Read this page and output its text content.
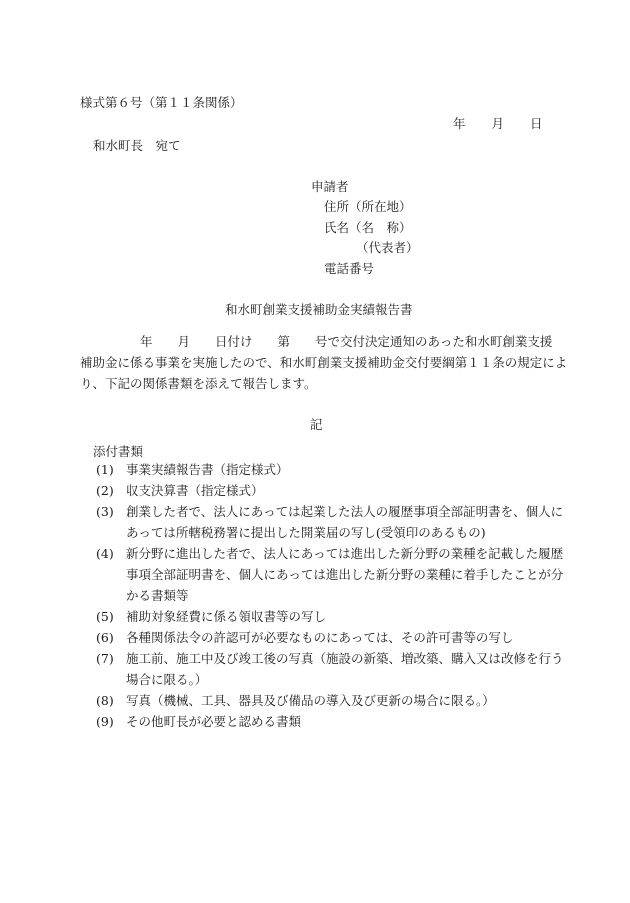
様式第６号（第１１条関係）
年 月 日
和水町長　宛て
申請者
住所（所在地）
氏名（名　称）
（代表者）
電話番号
和水町創業支援補助金実績報告書
年　　月　　日付け　　第　　号で交付決定通知のあった和水町創業支援
補助金に係る事業を実施したので、和水町創業支援補助金交付要綱第１１条の規定によ
り、下記の関係書類を添えて報告します。
記
添付書類
(1) 事業実績報告書（指定様式）
(2) 収支決算書（指定様式）
(3) 創業した者で、法人にあっては起業した法人の履歴事項全部証明書を、個人に
あっては所轄税務署に提出した開業届の写し(受領印のあるもの)
(4) 新分野に進出した者で、法人にあっては進出した新分野の業種を記載した履歴
事項全部証明書を、個人にあっては進出した新分野の業種に着手したことが分
かる書類等
(5) 補助対象経費に係る領収書等の写し
(6) 各種関係法令の許認可が必要なものにあっては、その許可書等の写し
(7) 施工前、施工中及び竣工後の写真（施設の新築、増改築、購入又は改修を行う
場合に限る。）
(8) 写真（機械、工具、器具及び備品の導入及び更新の場合に限る。）
(9) その他町長が必要と認める書類
